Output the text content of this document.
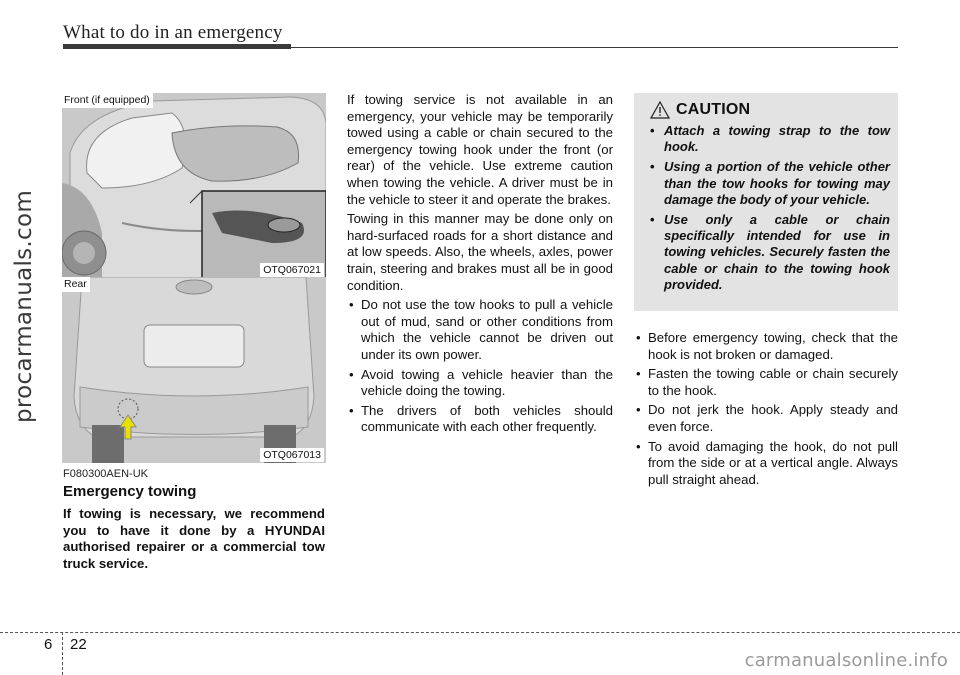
What to do in an emergency
procarmanuals.com
Front (if equipped)
OTQ067021
Rear
OTQ067013
F080300AEN-UK
Emergency towing
If towing is necessary, we recommend you to have it done by a HYUNDAI authorised repairer or a commercial tow truck service.

If towing service is not available in an emergency, your vehicle may be temporarily towed using a cable or chain secured to the emergency towing hook under the front (or rear) of the vehicle. Use extreme caution when towing the vehicle. A driver must be in the vehicle to steer it and operate the brakes.

Towing in this manner may be done only on hard-surfaced roads for a short distance and at low speeds. Also, the wheels, axles, power train, steering and brakes must all be in good condition.

• Do not use the tow hooks to pull a vehicle out of mud, sand or other conditions from which the vehicle cannot be driven out under its own power.
• Avoid towing a vehicle heavier than the vehicle doing the towing.
• The drivers of both vehicles should communicate with each other frequently.
CAUTION
• Attach a towing strap to the tow hook.
• Using a portion of the vehicle other than the tow hooks for towing may damage the body of your vehicle.
• Use only a cable or chain specifically intended for use in towing vehicles. Securely fasten the cable or chain to the towing hook provided.
• Before emergency towing, check that the hook is not broken or damaged.
• Fasten the towing cable or chain securely to the hook.
• Do not jerk the hook. Apply steady and even force.
• To avoid damaging the hook, do not pull from the side or at a vertical angle. Always pull straight ahead.
6 22
carmanualsonline.info
